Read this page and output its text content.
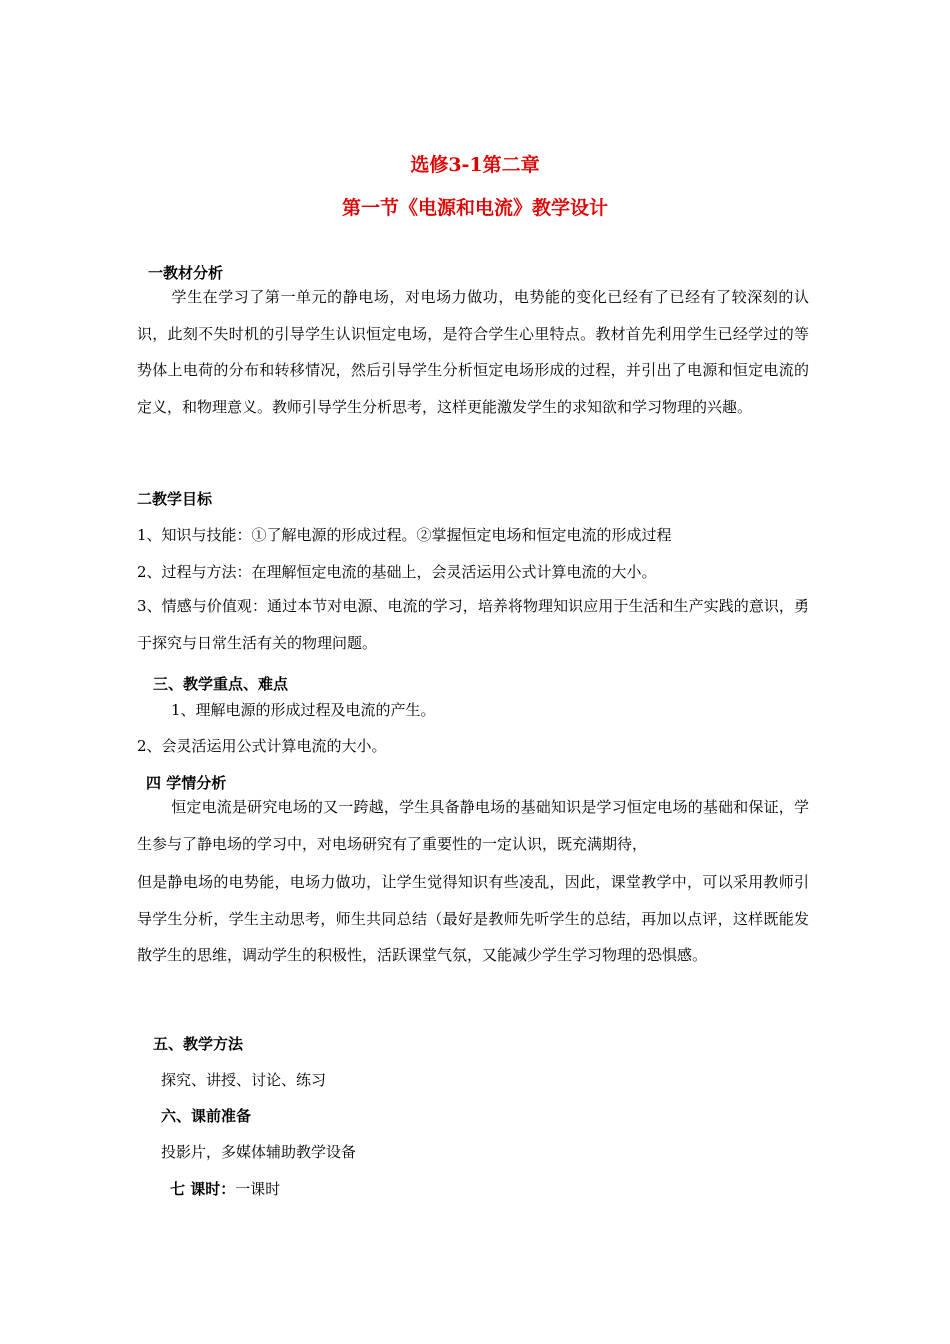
选修3-1第二章
第一节《电源和电流》教学设计
一教材分析
学生在学习了第一单元的静电场，对电场力做功，电势能的变化已经有了已经有了较深刻的认识，此刻不失时机的引导学生认识恒定电场，是符合学生心里特点。教材首先利用学生已经学过的等势体上电荷的分布和转移情况，然后引导学生分析恒定电场形成的过程，并引出了电源和恒定电流的定义，和物理意义。教师引导学生分析思考，这样更能激发学生的求知欲和学习物理的兴趣。
二教学目标
1、知识与技能：①了解电源的形成过程。②掌握恒定电场和恒定电流的形成过程
2、过程与方法：在理解恒定电流的基础上，会灵活运用公式计算电流的大小。
3、情感与价值观：通过本节对电源、电流的学习，培养将物理知识应用于生活和生产实践的意识，勇于探究与日常生活有关的物理问题。
三、教学重点、难点
1、理解电源的形成过程及电流的产生。
2、会灵活运用公式计算电流的大小。
四 学情分析
恒定电流是研究电场的又一跨越，学生具备静电场的基础知识是学习恒定电场的基础和保证，学生参与了静电场的学习中，对电场研究有了重要性的一定认识，既充满期待，
但是静电场的电势能，电场力做功，让学生觉得知识有些凌乱，因此，课堂教学中，可以采用教师引导学生分析，学生主动思考，师生共同总结（最好是教师先听学生的总结，再加以点评，这样既能发散学生的思维，调动学生的积极性，活跃课堂气氛，又能减少学生学习物理的恐惧感。
五、教学方法
探究、讲授、讨论、练习
六、课前准备
投影片，多媒体辅助教学设备
七 课时：一课时
